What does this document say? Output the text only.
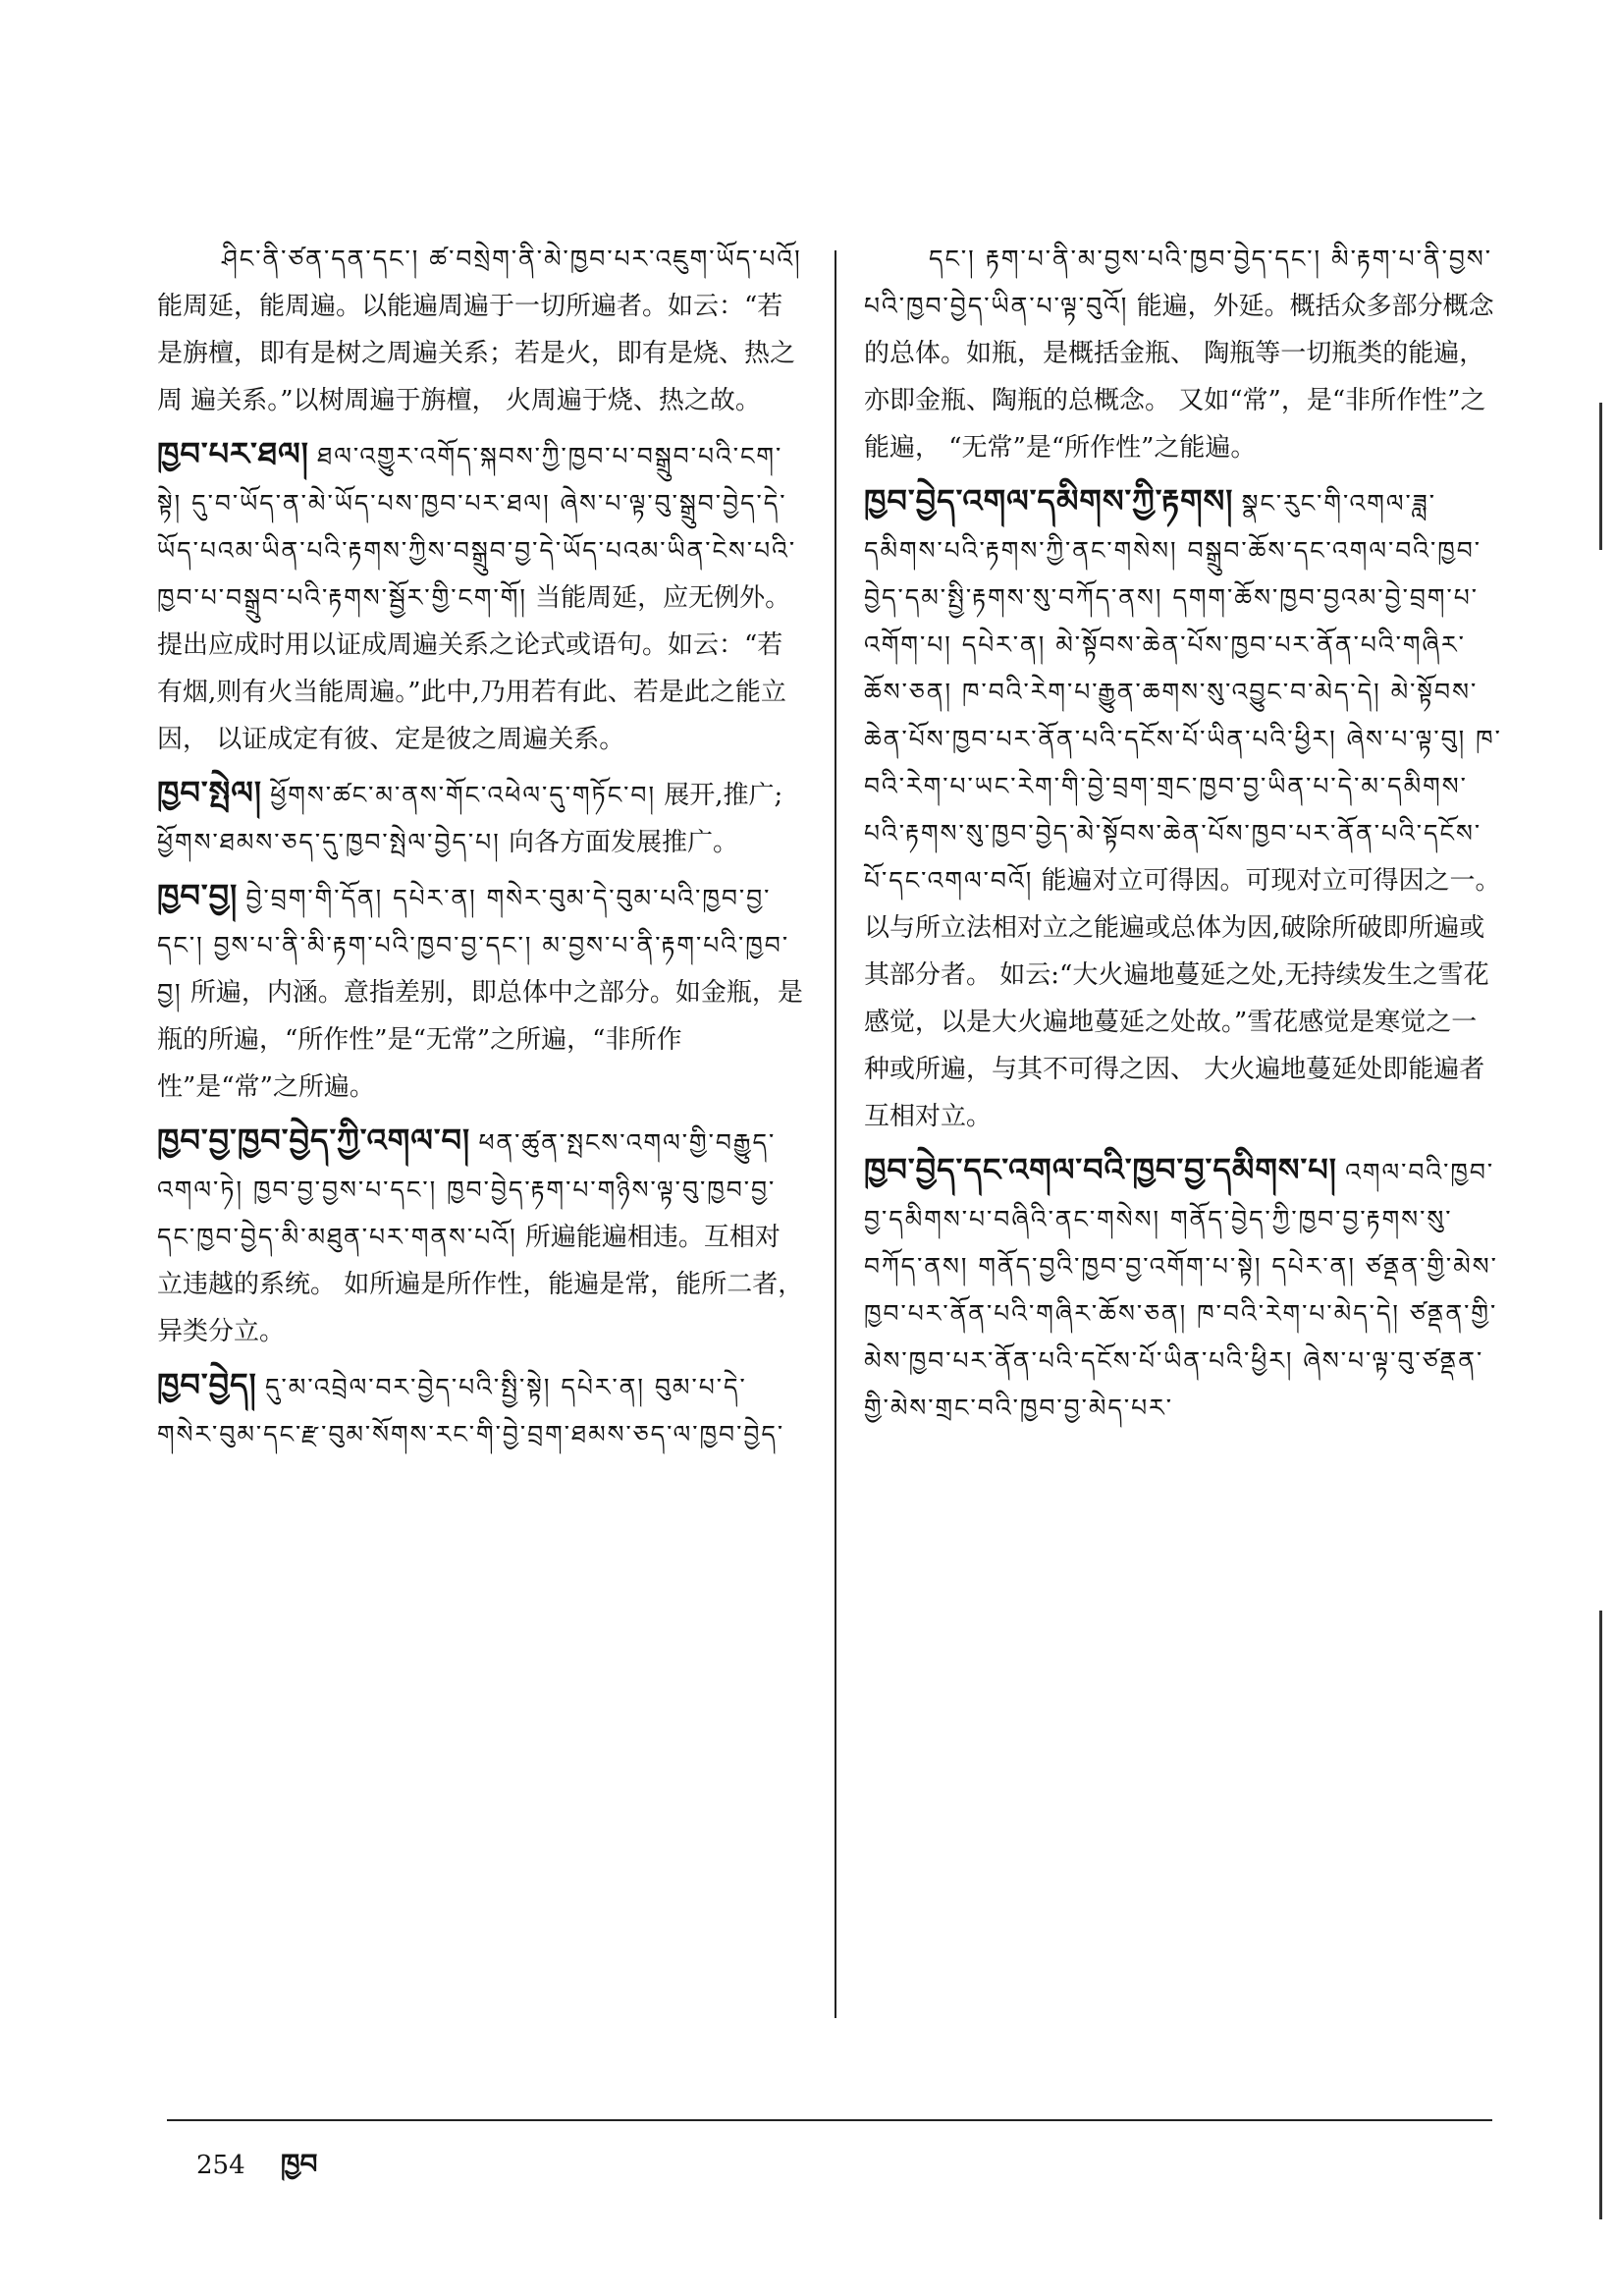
ཤིང་ནི་ཙན་དན་དང་། ཚ་བསྲེག་ནི་མེ་ཁྱབ་པར་འཇུག་ཡོད་པའོ། 能周延，能周遍。以能遍周遍于一切所遍者。如云：“若是旃檀，即有是树之周遍关系；若是火，即有是烧、热之周 遍关系。”以树周遍于旃檀， 火周遍于烧、热之故。
ཁྱབ་པར་ཐལ། ཐལ་འགྱུར་འགོད་སྐབས་ཀྱི་ཁྱབ་པ་བསྒྲུབ་པའི་ངག་སྟེ། དུ་བ་ཡོད་ན་མེ་ཡོད་པས་ཁྱབ་པར་ཐལ། ཞེས་པ་ལྟ་བུ་སྒྲུབ་བྱེད་དེ་ཡོད་པའམ་ཡིན་པའི་རྟགས་ཀྱིས་བསྒྲུབ་བྱ་དེ་ཡོད་པའམ་ཡིན་ངེས་པའི་ཁྱབ་པ་བསྒྲུབ་པའི་རྟགས་སྦྱོར་གྱི་ངག་གོ། 当能周延，应无例外。提出应成时用以证成周遍关系之论式或语句。如云：“若有烟,则有火当能周遍。”此中,乃用若有此、若是此之能立因， 以证成定有彼、定是彼之周遍关系。
ཁྱབ་སྤེལ། ཕྱོགས་ཚང་མ་ནས་གོང་འཕེལ་དུ་གཏོང་བ། 展开,推广; ཕྱོགས་ཐམས་ཅད་དུ་ཁྱབ་སྤེལ་བྱེད་པ། 向各方面发展推广。
ཁྱབ་བྱ། བྱེ་བྲག་གི་དོན། དཔེར་ན། གསེར་བུམ་དེ་བུམ་པའི་ཁྱབ་བྱ་དང་། བྱས་པ་ནི་མི་རྟག་པའི་ཁྱབ་བྱ་དང་། མ་བྱས་པ་ནི་རྟག་པའི་ཁྱབ་བྱ། 所遍，内涵。意指差别，即总体中之部分。如金瓶，是瓶的所遍，“所作性”是“无常”之所遍，“非所作性”是“常”之所遍。
ཁྱབ་བྱ་ཁྱབ་བྱེད་ཀྱི་འགལ་བ། ཕན་ཚུན་སྤངས་འགལ་གྱི་བརྒྱུད་འགལ་ཏེ། ཁྱབ་བྱ་བྱས་པ་དང་། ཁྱབ་བྱེད་རྟག་པ་གཉིས་ལྟ་བུ་ཁྱབ་བྱ་དང་ཁྱབ་བྱེད་མི་མཐུན་པར་གནས་པའོ། 所遍能遍相违。互相对立违越的系统。 如所遍是所作性，能遍是常，能所二者，异类分立。
ཁྱབ་བྱེད། དུ་མ་འབྲེལ་བར་བྱེད་པའི་སྤྱི་སྟེ། དཔེར་ན། བུམ་པ་དེ་གསེར་བུམ་དང་རྫ་བུམ་སོགས་རང་གི་བྱེ་བྲག་ཐམས་ཅད་ལ་ཁྱབ་བྱེད་
དང་། རྟག་པ་ནི་མ་བྱས་པའི་ཁྱབ་བྱེད་དང་། མི་རྟག་པ་ནི་བྱས་པའི་ཁྱབ་བྱེད་ཡིན་པ་ལྟ་བུའོ། 能遍，外延。概括众多部分概念的总体。如瓶，是概括金瓶、 陶瓶等一切瓶类的能遍，亦即金瓶、陶瓶的总概念。 又如“常”，是“非所作性”之能遍， “无常”是“所作性”之能遍。
ཁྱབ་བྱེད་འགལ་དམིགས་ཀྱི་རྟགས། སྣང་རུང་གི་འགལ་ཟླ་དམིགས་པའི་རྟགས་ཀྱི་ནང་གསེས། བསྒྲུབ་ཆོས་དང་འགལ་བའི་ཁྱབ་བྱེད་དམ་སྤྱི་རྟགས་སུ་བཀོད་ནས། དགག་ཆོས་ཁྱབ་བྱའམ་བྱེ་བྲག་པ་འགོག་པ། དཔེར་ན། མེ་སྟོབས་ཆེན་པོས་ཁྱབ་པར་ནོན་པའི་གཞིར་ཆོས་ཅན། ཁ་བའི་རེག་པ་རྒྱུན་ཆགས་སུ་འབྱུང་བ་མེད་དེ། མེ་སྟོབས་ཆེན་པོས་ཁྱབ་པར་ནོན་པའི་དངོས་པོ་ཡིན་པའི་ཕྱིར། ཞེས་པ་ལྟ་བུ། ཁ་བའི་རེག་པ་ཡང་རེག་གི་བྱེ་བྲག་གྲང་ཁྱབ་བྱ་ཡིན་པ་དེ་མ་དམིགས་པའི་རྟགས་སུ་ཁྱབ་བྱེད་མེ་སྟོབས་ཆེན་པོས་ཁྱབ་པར་ནོན་པའི་དངོས་པོ་དང་འགལ་བའོ། 能遍对立可得因。可现对立可得因之一。以与所立法相对立之能遍或总体为因,破除所破即所遍或其部分者。 如云:“大火遍地蔓延之处,无持续发生之雪花感觉，以是大火遍地蔓延之处故。”雪花感觉是寒觉之一种或所遍，与其不可得之因、 大火遍地蔓延处即能遍者互相对立。
ཁྱབ་བྱེད་དང་འགལ་བའི་ཁྱབ་བྱ་དམིགས་པ། འགལ་བའི་ཁྱབ་བྱ་དམིགས་པ་བཞིའི་ནང་གསེས། གནོད་བྱེད་ཀྱི་ཁྱབ་བྱ་རྟགས་སུ་བཀོད་ནས། གནོད་བྱའི་ཁྱབ་བྱ་འགོག་པ་སྟེ། དཔེར་ན། ཙནྡན་གྱི་མེས་ཁྱབ་པར་ནོན་པའི་གཞིར་ཆོས་ཅན། ཁ་བའི་རེག་པ་མེད་དེ། ཙནྡན་གྱི་མེས་ཁྱབ་པར་ནོན་པའི་དངོས་པོ་ཡིན་པའི་ཕྱིར། ཞེས་པ་ལྟ་བུ་ཙནྡན་གྱི་མེས་གྲང་བའི་ཁྱབ་བྱ་མེད་པར་
254 ཁྱབ
